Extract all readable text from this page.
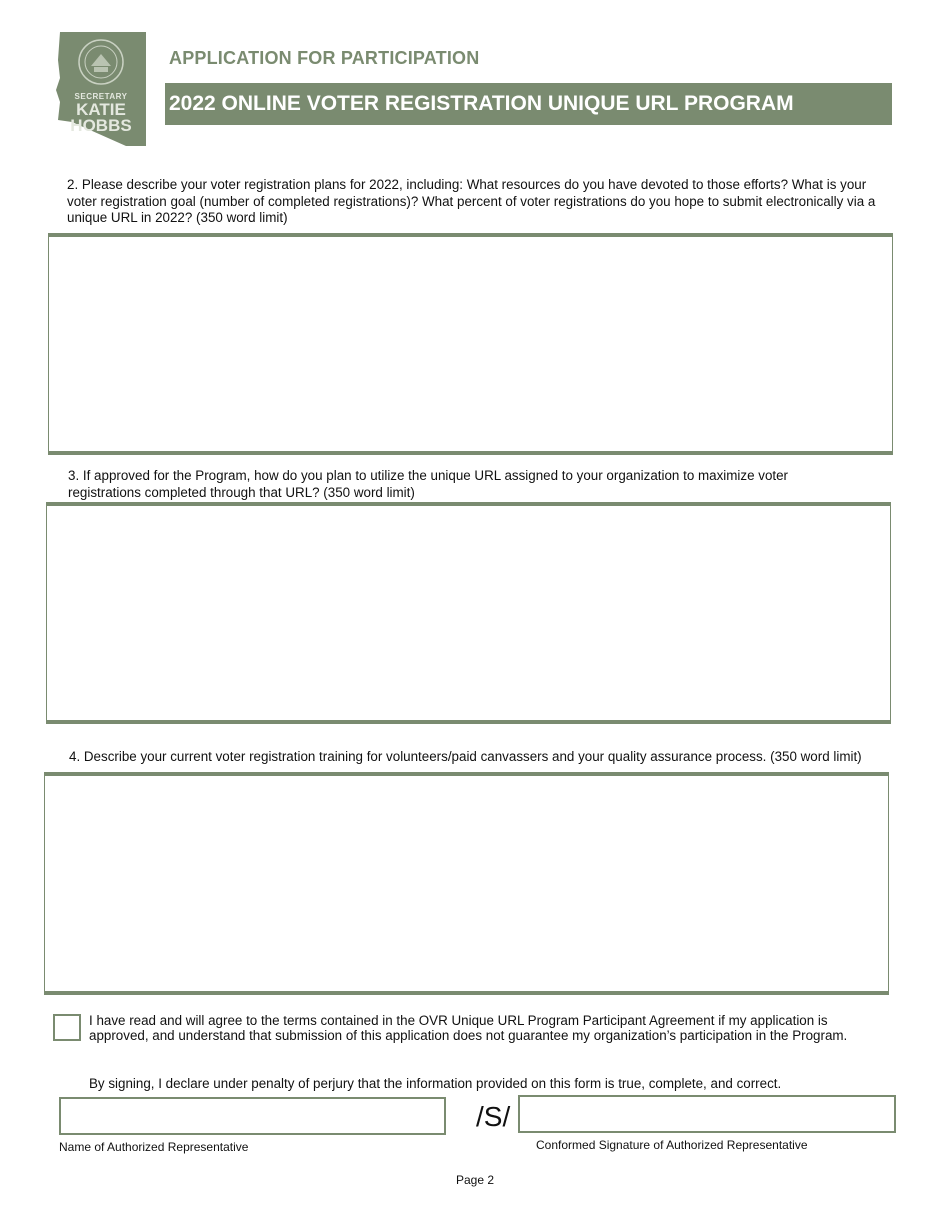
SECRETARY
KATIE
HOBBS
APPLICATION FOR PARTICIPATION
2022 ONLINE VOTER REGISTRATION UNIQUE URL PROGRAM
2. Please describe your voter registration plans for 2022, including: What resources do you have devoted to those efforts? What is your voter registration goal (number of completed registrations)? What percent of voter registrations do you hope to submit electronically via a unique URL in 2022? (350 word limit)
3. If approved for the Program, how do you plan to utilize the unique URL assigned to your organization to maximize voter registrations completed through that URL? (350 word limit)
4. Describe your current voter registration training for volunteers/paid canvassers and your quality assurance process. (350 word limit)
I have read and will agree to the terms contained in the OVR Unique URL Program Participant Agreement if my application is approved, and understand that submission of this application does not guarantee my organization’s participation in the Program.
By signing, I declare under penalty of perjury that the information provided on this form is true, complete, and correct.
Name of Authorized Representative
/S/
Conformed Signature of Authorized Representative
Page 2
